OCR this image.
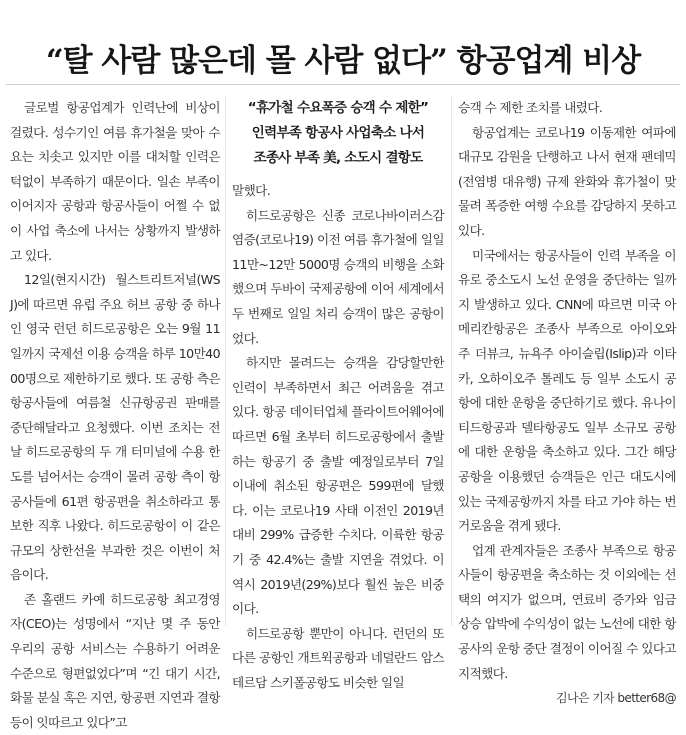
“탈 사람 많은데 몰 사람 없다” 항공업계 비상

글로벌 항공업계가 인력난에 비상이 걸렸다. 성수기인 여름 휴가철을 맞아 수요는 치솟고 있지만 이를 대처할 인력은 턱없이 부족하기 때문이다. 일손 부족이 이어지자 공항과 항공사들이 어쩔 수 없이 사업 축소에 나서는 상황까지 발생하고 있다.

12일(현지시간) 월스트리트저널(WSJ)에 따르면 유럽 주요 허브 공항 중 하나인 영국 런던 히드로공항은 오는 9월 11일까지 국제선 이용 승객을 하루 10만4000명으로 제한하기로 했다. 또 공항 측은 항공사들에 여름철 신규항공권 판매를 중단해달라고 요청했다. 이번 조치는 전날 히드로공항의 두 개 터미널에 수용 한도를 넘어서는 승객이 몰려 공항 측이 항공사들에 61편 항공편을 취소하라고 통보한 직후 나왔다. 히드로공항이 이 같은 규모의 상한선을 부과한 것은 이번이 처음이다.

존 홀랜드 카예 히드로공항 최고경영자(CEO)는 성명에서 “지난 몇 주 동안 우리의 공항 서비스는 수용하기 어려운 수준으로 형편없었다”며 “긴 대기 시간, 화물 분실 혹은 지연, 항공편 지연과 결항 등이 잇따르고 있다”고

“휴가철 수요폭증 승객 수 제한”
인력부족 항공사 사업축소 나서
조종사 부족 美, 소도시 결항도

말했다.

히드로공항은 신종 코로나바이러스감염증(코로나19) 이전 여름 휴가철에 일일 11만~12만 5000명 승객의 비행을 소화했으며 두바이 국제공항에 이어 세계에서 두 번째로 일일 처리 승객이 많은 공항이었다.

하지만 몰려드는 승객을 감당할만한 인력이 부족하면서 최근 어려움을 겪고 있다. 항공 데이터업체 플라이트어웨어에 따르면 6월 초부터 히드로공항에서 출발하는 항공기 중 출발 예정일로부터 7일 이내에 취소된 항공편은 599편에 달했다. 이는 코로나19 사태 이전인 2019년 대비 299% 급증한 수치다. 이륙한 항공기 중 42.4%는 출발 지연을 겪었다. 이 역시 2019년(29%)보다 훨씬 높은 비중이다.

히드로공항 뿐만이 아니다. 런던의 또 다른 공항인 개트윅공항과 네덜란드 암스테르담 스키폴공항도 비슷한 일일

승객 수 제한 조치를 내렸다.

항공업계는 코로나19 이동제한 여파에 대규모 감원을 단행하고 나서 현재 팬데믹(전염병 대유행) 규제 완화와 휴가철이 맞물려 폭증한 여행 수요를 감당하지 못하고 있다.

미국에서는 항공사들이 인력 부족을 이유로 중소도시 노선 운영을 중단하는 일까지 발생하고 있다. CNN에 따르면 미국 아메리칸항공은 조종사 부족으로 아이오와주 더뷰크, 뉴욕주 아이슬립(Islip)과 이타카, 오하이오주 톨레도 등 일부 소도시 공항에 대한 운항을 중단하기로 했다. 유나이티드항공과 델타항공도 일부 소규모 공항에 대한 운항을 축소하고 있다. 그간 해당 공항을 이용했던 승객들은 인근 대도시에 있는 국제공항까지 차를 타고 가야 하는 번거로움을 겪게 됐다.

업계 관계자들은 조종사 부족으로 항공사들이 항공편을 축소하는 것 이외에는 선택의 여지가 없으며, 연료비 증가와 임금 상승 압박에 수익성이 없는 노선에 대한 항공사의 운항 중단 결정이 이어질 수 있다고 지적했다.

김나은 기자 better68@
